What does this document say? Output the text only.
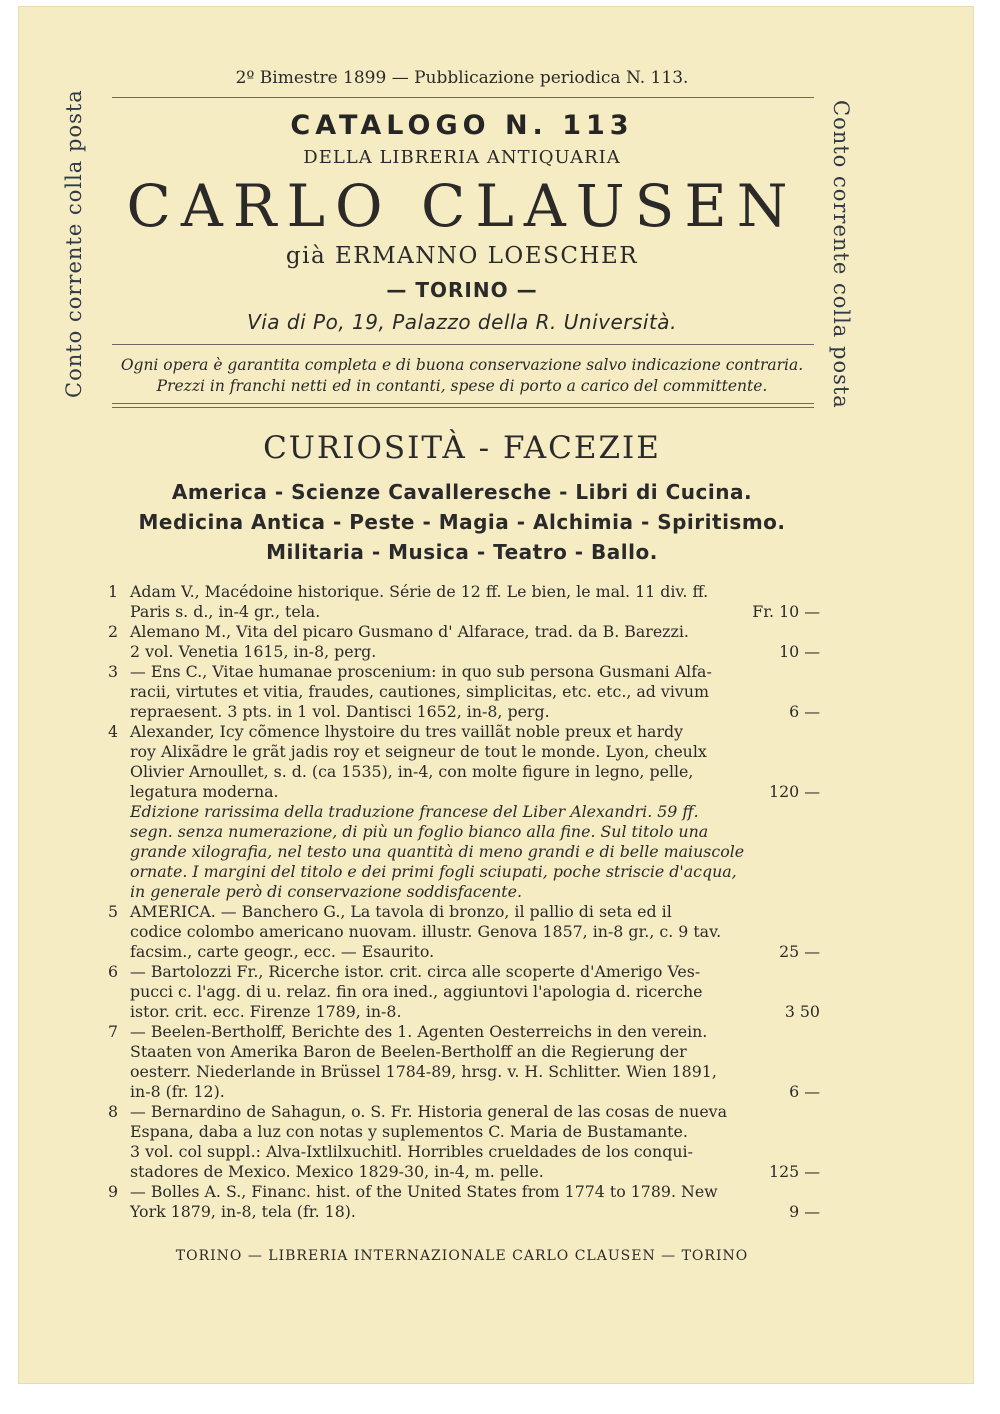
Conto corrente colla posta	Conto corrente colla posta
2º Bimestre 1899 — Pubblicazione periodica N. 113.
CATALOGO N. 113
DELLA LIBRERIA ANTIQUARIA
CARLO CLAUSEN
già ERMANNO LOESCHER
— TORINO —
Via di Po, 19, Palazzo della R. Università.
Ogni opera è garantita completa e di buona conservazione salvo indicazione contraria.
Prezzi in franchi netti ed in contanti, spese di porto a carico del committente.
CURIOSITÀ - FACEZIE
America - Scienze Cavalleresche - Libri di Cucina.
Medicina Antica - Peste - Magia - Alchimia - Spiritismo.
Militaria - Musica - Teatro - Ballo.
1 Adam V., Macédoine historique. Série de 12 ff. Le bien, le mal. 11 div. ff.
Paris s. d., in-4 gr., tela.	Fr. 10 —
2 Alemano M., Vita del picaro Gusmano d' Alfarace, trad. da B. Barezzi.
2 vol. Venetia 1615, in-8, perg.	10 —
3 — Ens C., Vitae humanae proscenium: in quo sub persona Gusmani Alfa-
racii, virtutes et vitia, fraudes, cautiones, simplicitas, etc. etc., ad vivum
repraesent. 3 pts. in 1 vol. Dantisci 1652, in-8, perg.	6 —
4 Alexander, Icy cõmence lhystoire du tres vaillãt noble preux et hardy
roy Alixãdre le grãt jadis roy et seigneur de tout le monde. Lyon, cheulx
Olivier Arnoullet, s. d. (ca 1535), in-4, con molte figure in legno, pelle,
legatura moderna.	120 —
Edizione rarissima della traduzione francese del Liber Alexandri. 59 ff.
segn. senza numerazione, di più un foglio bianco alla fine. Sul titolo una
grande xilografia, nel testo una quantità di meno grandi e di belle maiuscole
ornate. I margini del titolo e dei primi fogli sciupati, poche striscie d'acqua,
in generale però di conservazione soddisfacente.
5 AMERICA. — Banchero G., La tavola di bronzo, il pallio di seta ed il
codice colombo americano nuovam. illustr. Genova 1857, in-8 gr., c. 9 tav.
facsim., carte geogr., ecc. — Esaurito.	25 —
6 — Bartolozzi Fr., Ricerche istor. crit. circa alle scoperte d'Amerigo Ves-
pucci c. l'agg. di u. relaz. fin ora ined., aggiuntovi l'apologia d. ricerche
istor. crit. ecc. Firenze 1789, in-8.	3 50
7 — Beelen-Bertholff, Berichte des 1. Agenten Oesterreichs in den verein.
Staaten von Amerika Baron de Beelen-Bertholff an die Regierung der
oesterr. Niederlande in Brüssel 1784-89, hrsg. v. H. Schlitter. Wien 1891,
in-8 (fr. 12).	6 —
8 — Bernardino de Sahagun, o. S. Fr. Historia general de las cosas de nueva
Espana, daba a luz con notas y suplementos C. Maria de Bustamante.
3 vol. col suppl.: Alva-Ixtlilxuchitl. Horribles crueldades de los conqui-
stadores de Mexico. Mexico 1829-30, in-4, m. pelle.	125 —
9 — Bolles A. S., Financ. hist. of the United States from 1774 to 1789. New
York 1879, in-8, tela (fr. 18).	9 —
TORINO — LIBRERIA INTERNAZIONALE CARLO CLAUSEN — TORINO
